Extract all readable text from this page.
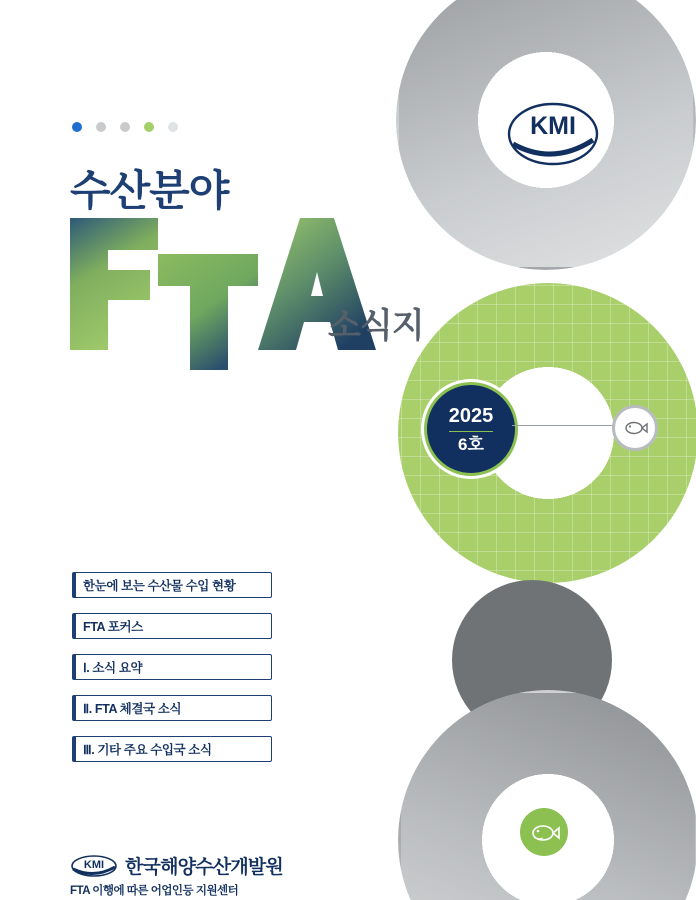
KMI
수산분야
소식지
2025
6호
한눈에 보는 수산물 수입 현황
FTA 포커스
Ⅰ. 소식 요약
Ⅱ. FTA 체결국 소식
Ⅲ. 기타 주요 수입국 소식
KMI 한국해양수산개발원
FTA 이행에 따른 어업인등 지원센터
